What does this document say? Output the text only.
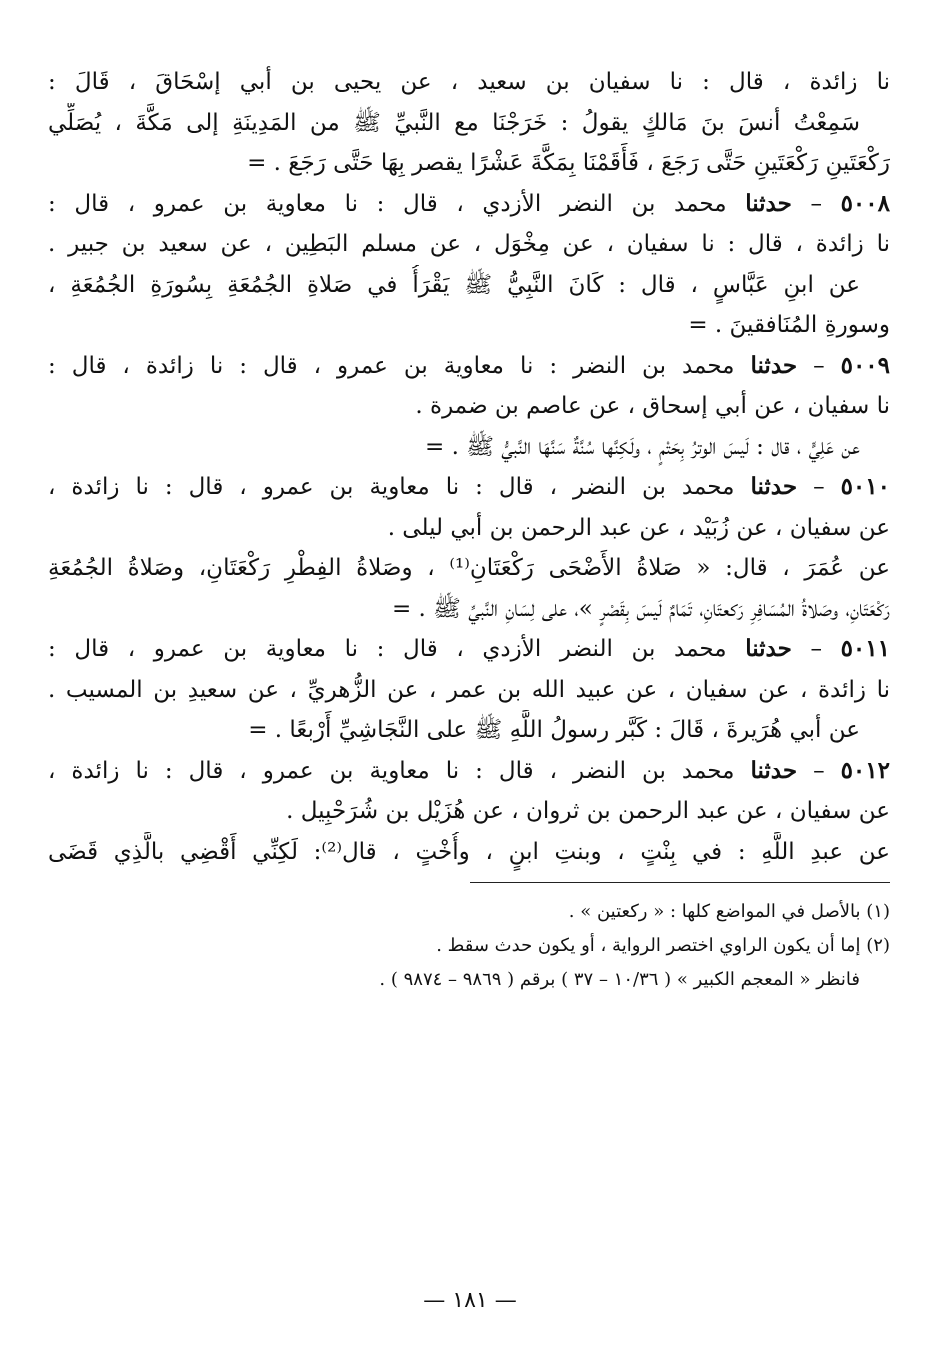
نا زائدة ، قال : نا سفيان بن سعيد ، عن يحيى بن أبي إسْحَاقَ ، قَالَ :
سَمِعْتُ أنسَ بنَ مَالكٍ يقولُ : خَرَجْنَا مع النَّبيِّ ﷺ من المَدِينَةِ إلى مَكَّةَ ، يُصَلِّي
رَكْعَتَينِ رَكْعَتَينِ حَتَّى رَجَعَ ، فَأَقَمْنَا بِمَكَّةَ عَشْرًا يقصر بِهَا حَتَّى رَجَعَ . =
٥٠٠٨ – حدثنا محمد بن النضر الأزدي ، قال : نا معاوية بن عمرو ، قال :
نا زائدة ، قال : نا سفيان ، عن مِخْوَل ، عن مسلم البَطِين ، عن سعيد بن جبير .
عن ابنِ عَبَّاسٍ ، قال : كَانَ النَّبِيُّ ﷺ يَقْرَأُ في صَلاةِ الجُمُعَةِ بِسُورَةِ الجُمُعَةِ ،
وسورةِ المُنَافقينَ . =
٥٠٠٩ – حدثنا محمد بن النضر : نا معاوية بن عمرو ، قال : نا زائدة ، قال :
نا سفيان ، عن أبي إسحاق ، عن عاصم بن ضمرة .
عن عَلِيٍّ ، قال : لَيسَ الوترُ بِحَتْمٍ ، ولَكِنَّها سُنَّةٌ سَنَّهَا النَّبيُّ ﷺ . =
٥٠١٠ – حدثنا محمد بن النضر ، قال : نا معاوية بن عمرو ، قال : نا زائدة ،
عن سفيان ، عن زُبَيْد ، عن عبد الرحمن بن أبي ليلى .
عن عُمَرَ ، قال: « صَلاةُ الأَضْحَى رَكْعَتَانِ⁽¹⁾ ، وصَلاةُ الفِطْرِ رَكْعَتَانِ، وصَلاةُ الجُمُعَةِ
رَكْعَتَانِ، وصَلاةُ المُسَافِرِ رَكعتَانِ، تَمَامٌ لَيسَ بِقَصْرٍ »، على لِسَانِ النَّبيِّ ﷺ . =
٥٠١١ – حدثنا محمد بن النضر الأزدي ، قال : نا معاوية بن عمرو ، قال :
نا زائدة ، عن سفيان ، عن عبيد الله بن عمر ، عن الزُّهريِّ ، عن سعيدِ بن المسيب .
عن أبي هُرَيرةَ ، قَالَ : كَبَّر رسولُ اللَّهِ ﷺ على النَّجَاشِيِّ أَرْبعًا . =
٥٠١٢ – حدثنا محمد بن النضر ، قال : نا معاوية بن عمرو ، قال : نا زائدة ،
عن سفيان ، عن عبد الرحمن بن ثروان ، عن هُزَيْل بن شُرَحْبِيل .
عن عبدِ اللَّهِ : في بِنْتٍ ، وبنتِ ابنٍ ، وأُخْتٍ ، قال⁽²⁾: لَكِنِّي أَقْضِي بالَّذِي قَضَى
(١) بالأصل في المواضع كلها : « ركعتين » .
(٢) إما أن يكون الراوي اختصر الرواية ، أو يكون حدث سقط .
فانظر « المعجم الكبير » ( ١٠/٣٦ – ٣٧ ) برقم ( ٩٨٦٩ – ٩٨٧٤ ) .
— ١٨١ —
